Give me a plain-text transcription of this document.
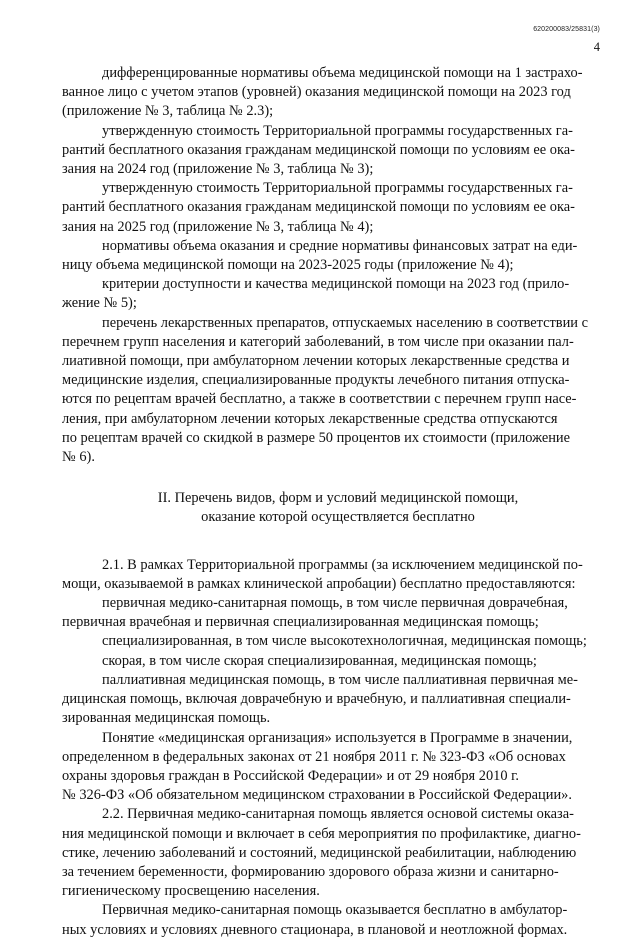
620200083/25831(3)
4

дифференцированные нормативы объема медицинской помощи на 1 застрахо-
ванное лицо с учетом этапов (уровней) оказания медицинской помощи на 2023 год
(приложение № 3, таблица № 2.3);

утвержденную стоимость Территориальной программы государственных га-
рантий бесплатного оказания гражданам медицинской помощи по условиям ее ока-
зания на 2024 год (приложение № 3, таблица № 3);

утвержденную стоимость Территориальной программы государственных га-
рантий бесплатного оказания гражданам медицинской помощи по условиям ее ока-
зания на 2025 год (приложение № 3, таблица № 4);

нормативы объема оказания и средние нормативы финансовых затрат на еди-
ницу объема медицинской помощи на 2023-2025 годы (приложение № 4);

критерии доступности и качества медицинской помощи на 2023 год (прило-
жение № 5);

перечень лекарственных препаратов, отпускаемых населению в соответствии с
перечнем групп населения и категорий заболеваний, в том числе при оказании пал-
лиативной помощи, при амбулаторном лечении которых лекарственные средства и
медицинские изделия, специализированные продукты лечебного питания отпуска-
ются по рецептам врачей бесплатно, а также в соответствии с перечнем групп насе-
ления, при амбулаторном лечении которых лекарственные средства отпускаются
по рецептам врачей со скидкой в размере 50 процентов их стоимости (приложение
№ 6).

II. Перечень видов, форм и условий медицинской помощи,
оказание которой осуществляется бесплатно

2.1. В рамках Территориальной программы (за исключением медицинской по-
мощи, оказываемой в рамках клинической апробации) бесплатно предоставляются:

первичная медико-санитарная помощь, в том числе первичная доврачебная,
первичная врачебная и первичная специализированная медицинская помощь;

специализированная, в том числе высокотехнологичная, медицинская помощь;

скорая, в том числе скорая специализированная, медицинская помощь;

паллиативная медицинская помощь, в том числе паллиативная первичная ме-
дицинская помощь, включая доврачебную и врачебную, и паллиативная специали-
зированная медицинская помощь.

Понятие «медицинская организация» используется в Программе в значении,
определенном в федеральных законах от 21 ноября 2011 г. № 323-ФЗ «Об основах
охраны здоровья граждан в Российской Федерации» и от 29 ноября 2010 г.
№ 326-ФЗ «Об обязательном медицинском страховании в Российской Федерации».

2.2. Первичная медико-санитарная помощь является основой системы оказа-
ния медицинской помощи и включает в себя мероприятия по профилактике, диагно-
стике, лечению заболеваний и состояний, медицинской реабилитации, наблюдению
за течением беременности, формированию здорового образа жизни и санитарно-
гигиеническому просвещению населения.

Первичная медико-санитарная помощь оказывается бесплатно в амбулатор-
ных условиях и условиях дневного стационара, в плановой и неотложной формах.
